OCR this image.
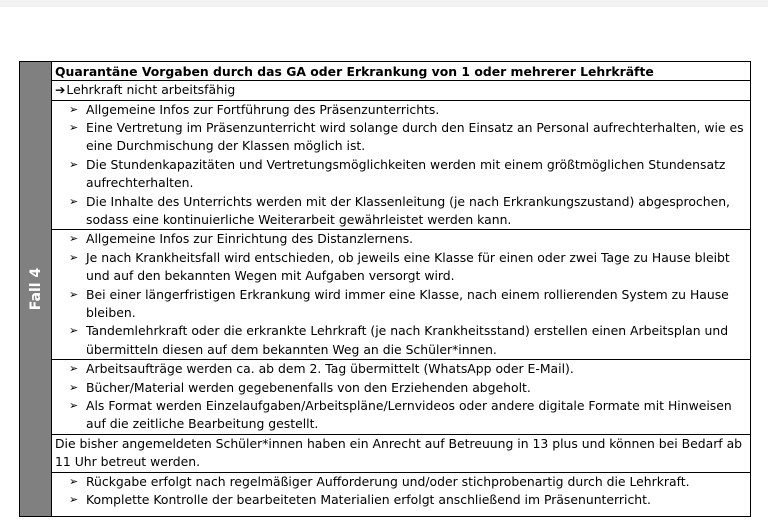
Fall 4
Quarantäne Vorgaben durch das GA oder Erkrankung von 1 oder mehrerer Lehrkräfte
➔Lehrkraft nicht arbeitsfähig
➢ Allgemeine Infos zur Fortführung des Präsenzunterrichts.
➢ Eine Vertretung im Präsenzunterricht wird solange durch den Einsatz an Personal aufrechterhalten, wie es eine Durchmischung der Klassen möglich ist.
➢ Die Stundenkapazitäten und Vertretungsmöglichkeiten werden mit einem größtmöglichen Stundensatz aufrechterhalten.
➢ Die Inhalte des Unterrichts werden mit der Klassenleitung (je nach Erkrankungszustand) abgesprochen, sodass eine kontinuierliche Weiterarbeit gewährleistet werden kann.
➢ Allgemeine Infos zur Einrichtung des Distanzlernens.
➢ Je nach Krankheitsfall wird entschieden, ob jeweils eine Klasse für einen oder zwei Tage zu Hause bleibt und auf den bekannten Wegen mit Aufgaben versorgt wird.
➢ Bei einer längerfristigen Erkrankung wird immer eine Klasse, nach einem rollierenden System zu Hause bleiben.
➢ Tandemlehrkraft oder die erkrankte Lehrkraft (je nach Krankheitsstand) erstellen einen Arbeitsplan und übermitteln diesen auf dem bekannten Weg an die Schüler*innen.
➢ Arbeitsaufträge werden ca. ab dem 2. Tag übermittelt (WhatsApp oder E-Mail).
➢ Bücher/Material werden gegebenenfalls von den Erziehenden abgeholt.
➢ Als Format werden Einzelaufgaben/Arbeitspläne/Lernvideos oder andere digitale Formate mit Hinweisen auf die zeitliche Bearbeitung gestellt.
Die bisher angemeldeten Schüler*innen haben ein Anrecht auf Betreuung in 13 plus und können bei Bedarf ab 11 Uhr betreut werden.
➢ Rückgabe erfolgt nach regelmäßiger Aufforderung und/oder stichprobenartig durch die Lehrkraft.
➢ Komplette Kontrolle der bearbeiteten Materialien erfolgt anschließend im Präsenunterricht.
